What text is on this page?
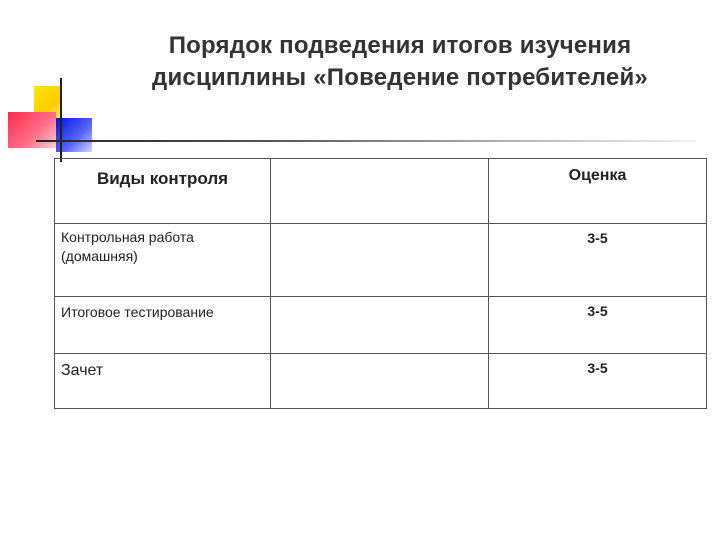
Порядок подведения итогов изучения
дисциплины «Поведение потребителей»
Виды контроля		Оценка
Контрольная работа
(домашняя)		3-5
Итоговое тестирование		3-5
Зачет		3-5
